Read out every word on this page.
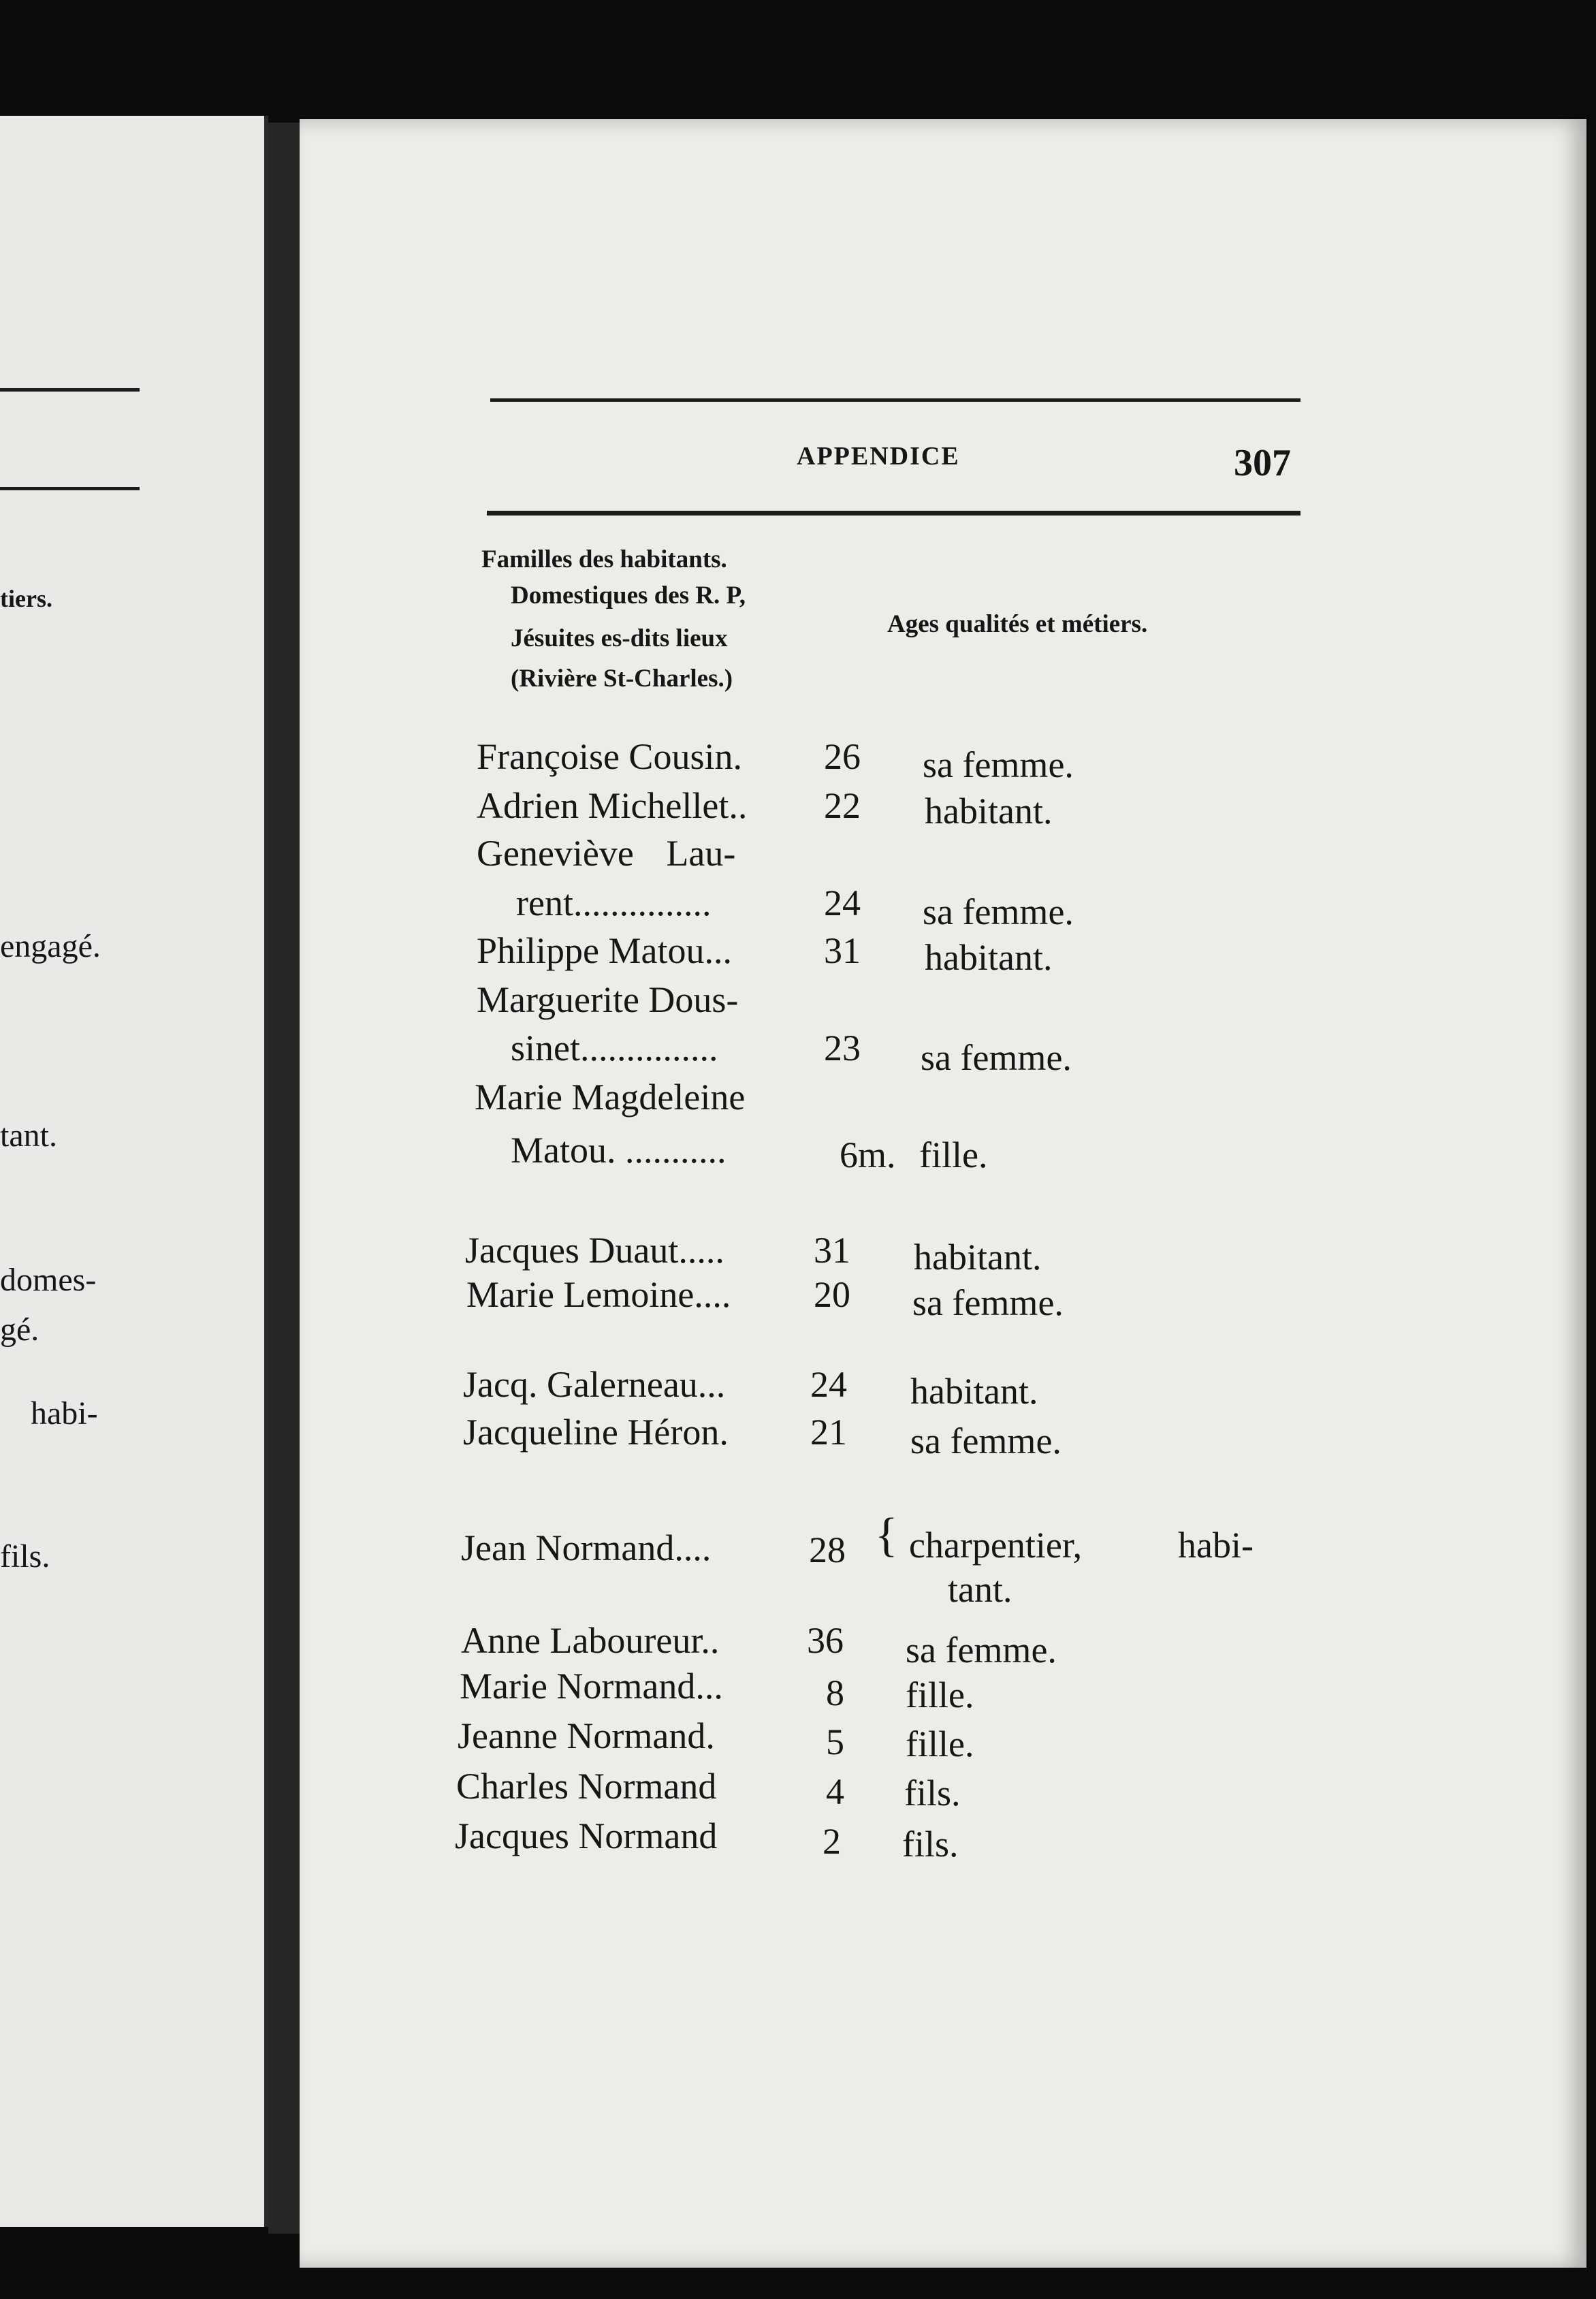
tiers.
engagé.
tant.
domes-
gé.
habi-
fils.
APPENDICE	307
Familles des habitants.
Domestiques des R. P,
Jésuites es-dits lieux
(Rivière St-Charles.)
Ages qualités et métiers.
Françoise Cousin. 26 sa femme.
Adrien Michellet.. 22 habitant.
Geneviève Lau-
rent...............	24 sa femme.
Philippe Matou...	31 habitant.
Marguerite Dous-
sinet...............	23 sa femme.
Marie Magdeleine
Matou. ...........	6m. fille.
Jacques Duaut..... 31 habitant.
Marie Lemoine.... 20 sa femme.
Jacq. Galerneau... 24 habitant.
Jacqueline Héron. 21 sa femme.
Jean Normand....	28 { charpentier,	habi-
tant.
Anne Laboureur.. 36 sa femme.
Marie Normand...	8 fille.
Jeanne Normand.	5 fille.
Charles Normand	4 fils.
Jacques Normand	2 fils.
